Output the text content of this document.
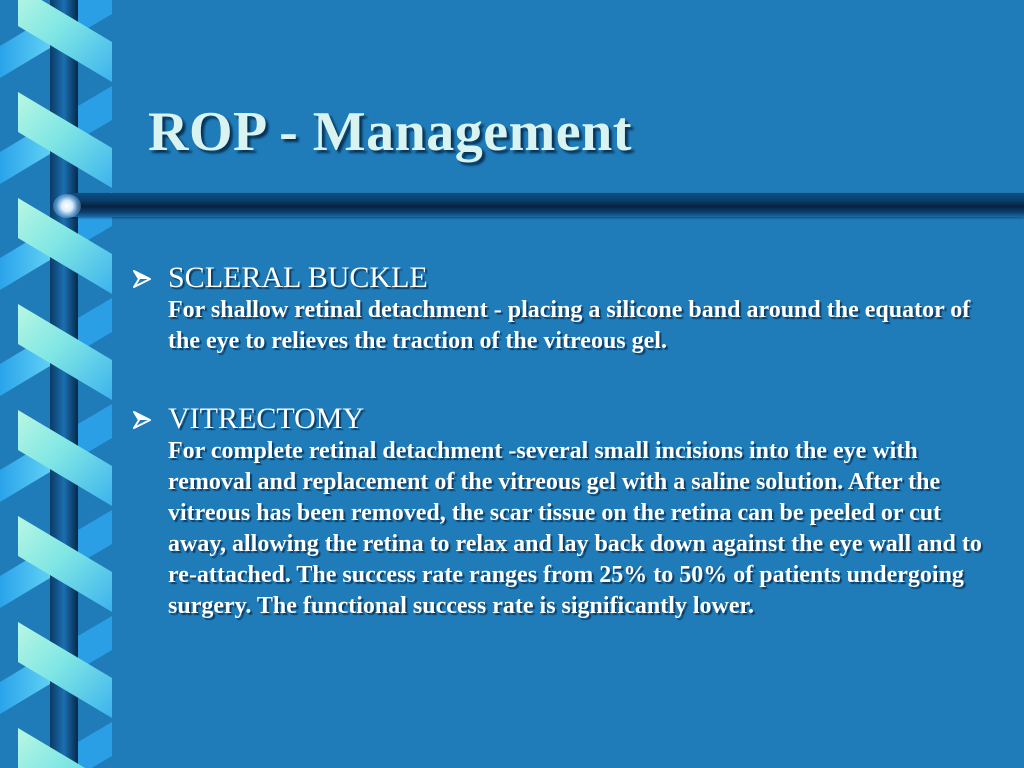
ROP - Management
SCLERAL BUCKLE
For shallow retinal detachment - placing a silicone band around the equator of the eye to relieves the traction of the vitreous gel.
VITRECTOMY
For complete retinal detachment -several small incisions into the eye with removal and replacement of the vitreous gel with a saline solution. After the vitreous has been removed, the scar tissue on the retina can be peeled or cut away, allowing the retina to relax and lay back down against the eye wall and to re-attached. The success rate ranges from 25% to 50% of patients undergoing surgery. The functional success rate is significantly lower.
